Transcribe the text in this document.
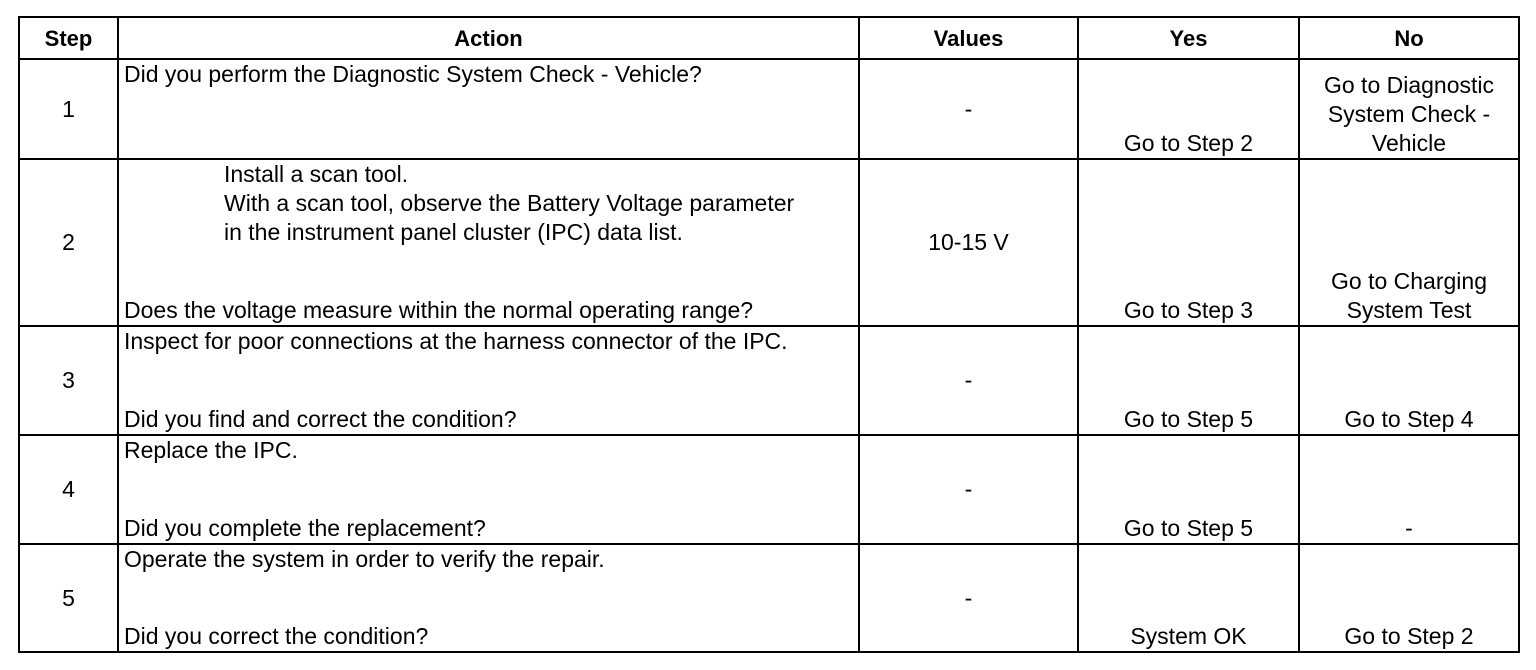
Step	Action	Values	Yes	No
1	Did you perform the Diagnostic System Check - Vehicle?	-	Go to Step 2	Go to Diagnostic
System Check -
Vehicle

2	Install a scan tool.
With a scan tool, observe the Battery Voltage parameter
in the instrument panel cluster (IPC) data list.
Does the voltage measure within the normal operating range?	10-15 V	Go to Step 3	Go to Charging
System Test

3	Inspect for poor connections at the harness connector of the IPC.
Did you find and correct the condition?	-	Go to Step 5	Go to Step 4
4	Replace the IPC.
Did you complete the replacement?	-	Go to Step 5	-
5	Operate the system in order to verify the repair.
Did you correct the condition?	-	System OK	Go to Step 2
